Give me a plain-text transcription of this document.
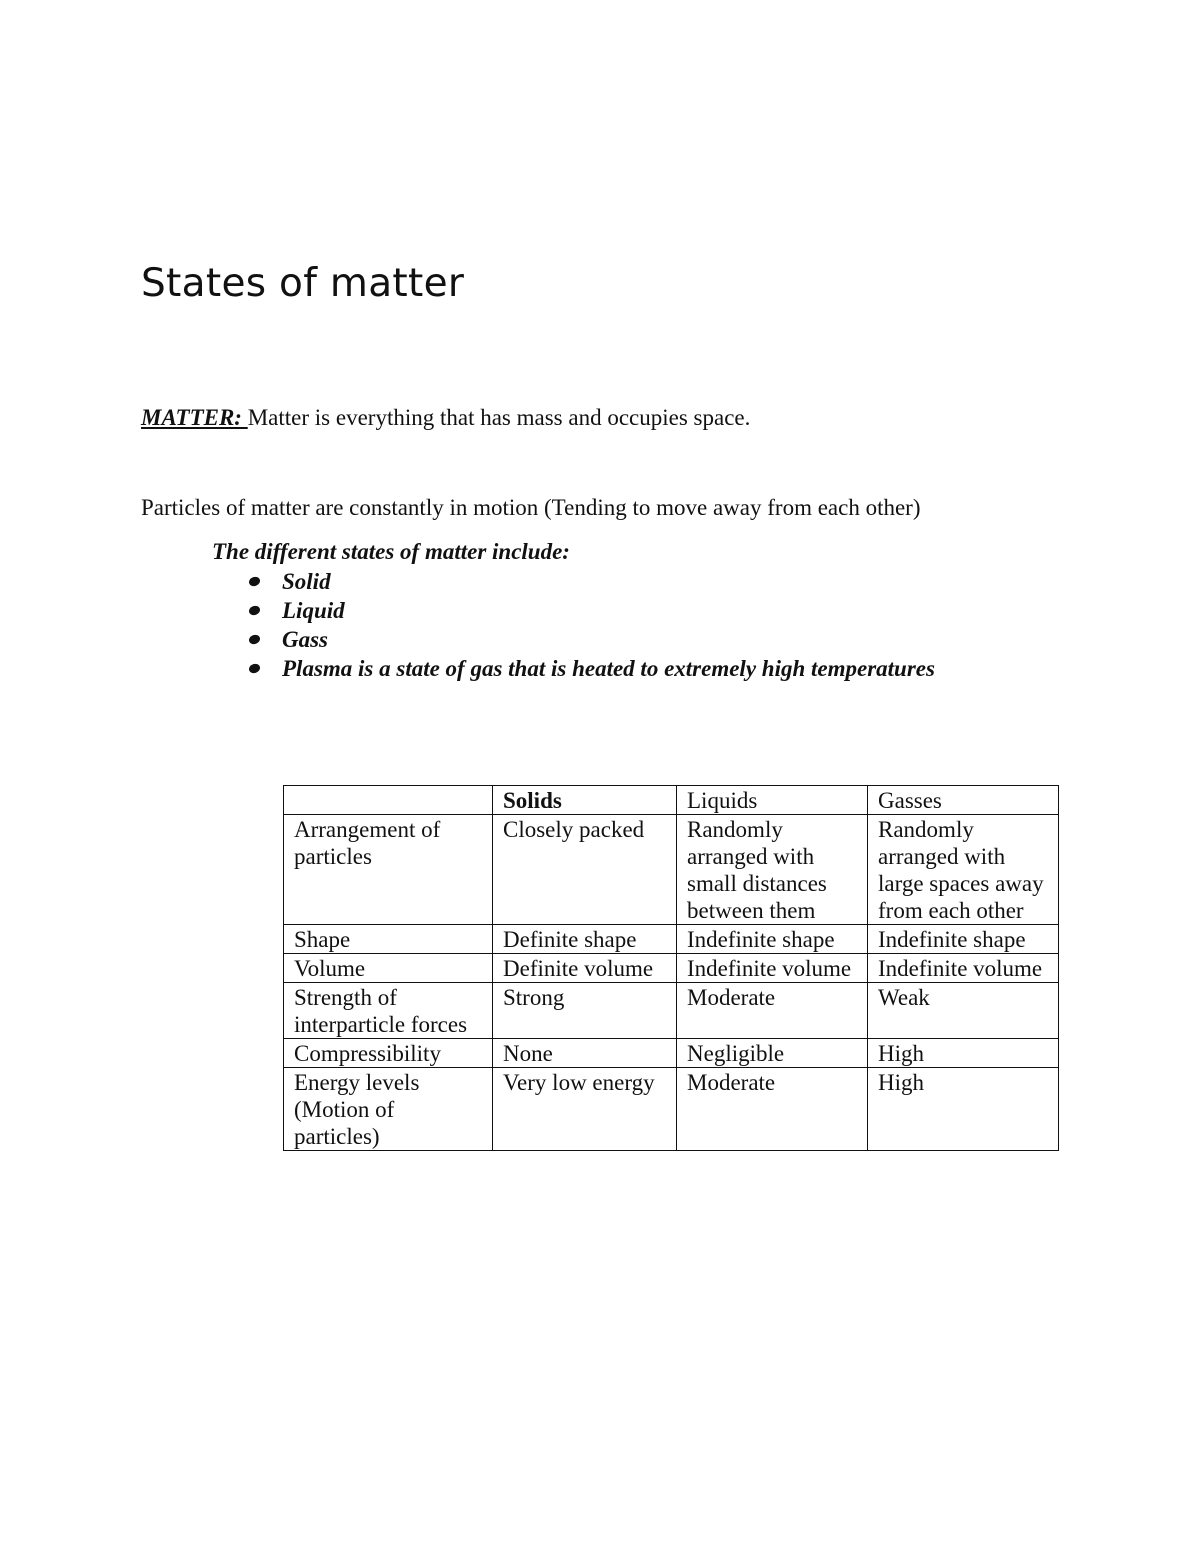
States of matter

MATTER: Matter is everything that has mass and occupies space.

Particles of matter are constantly in motion (Tending to move away from each other)

The different states of matter include:

Solid
Liquid
Gass
Plasma is a state of gas that is heated to extremely high temperatures
	Solids	Liquids	Gasses
Arrangement of particles	Closely packed	Randomly arranged with small distances between them	Randomly arranged with large spaces away from each other
Shape	Definite shape	Indefinite shape	Indefinite shape
Volume	Definite volume	Indefinite volume	Indefinite volume
Strength of interparticle forces	Strong	Moderate	Weak
Compressibility	None	Negligible	High
Energy levels (Motion of particles)	Very low energy	Moderate	High
